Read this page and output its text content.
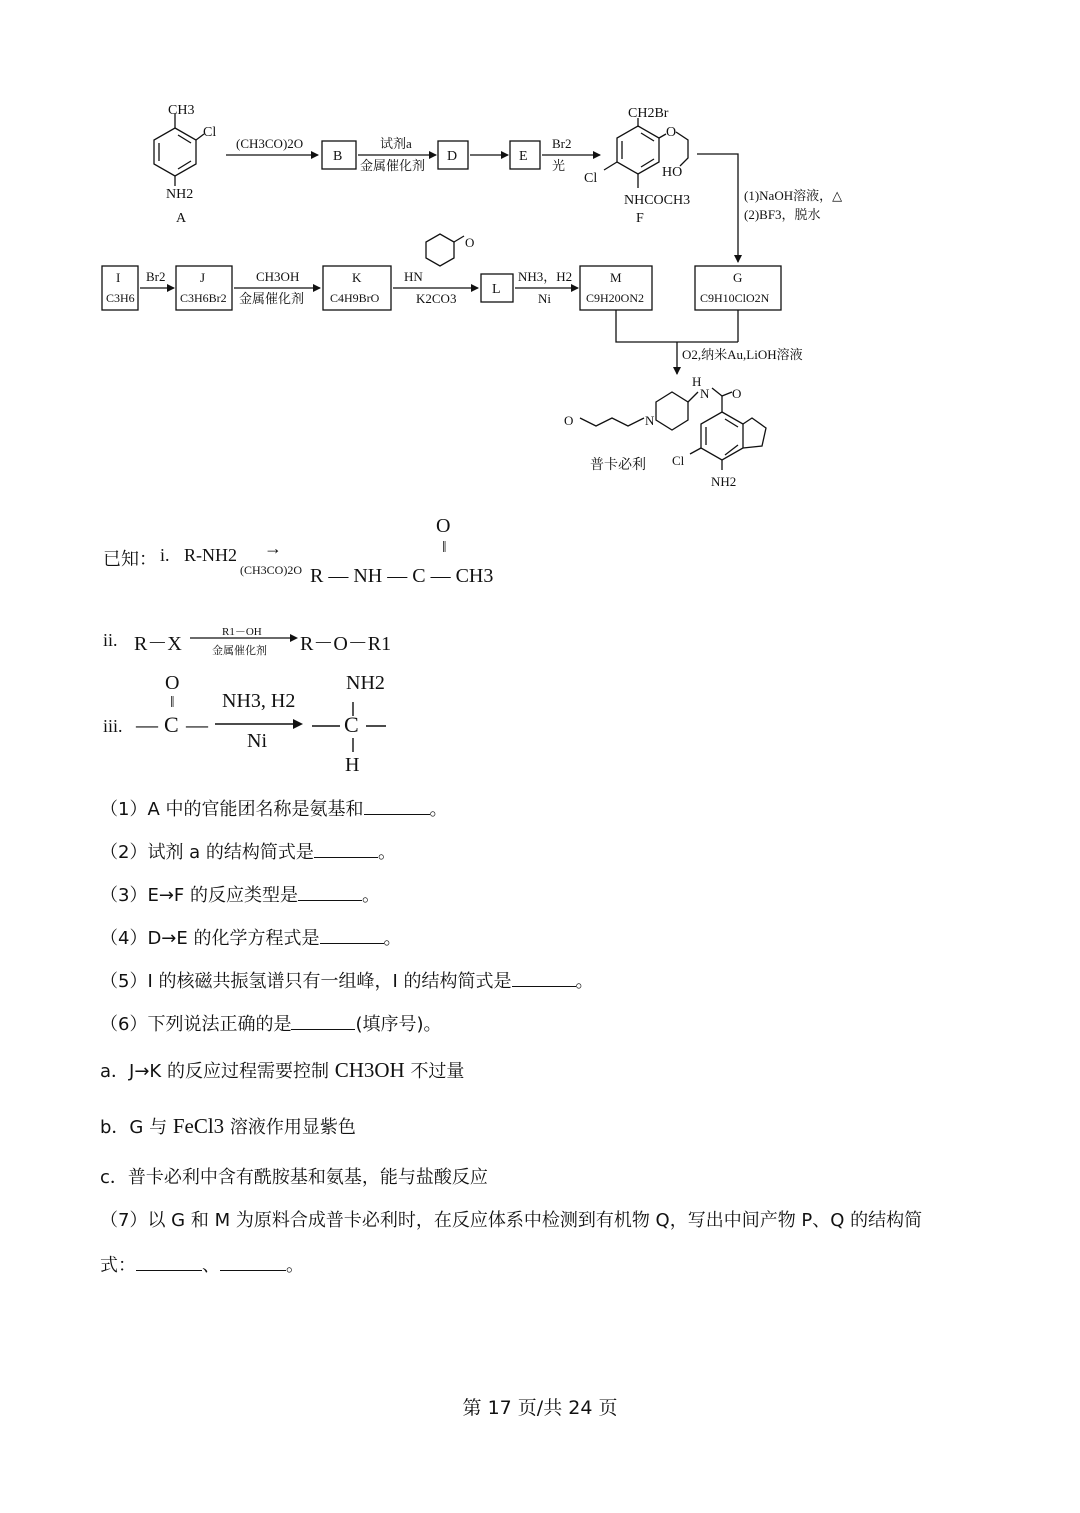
CH3
Cl
NH2
A
(CH3CO)2O
B
试剂a
金属催化剂
D	E
Br2
光
CH2Br
O
HO
Cl
NHCOCH3
F
(1)NaOH溶液，△
(2)BF3，脱水
I
C3H6
Br2	J
C3H6Br2
CH3OH
金属催化剂
K
C4H9BrO
HN
O
K2CO3
L
NH3，H2
Ni
M
C9H20ON2
G
C9H10ClO2N
O2,纳米Au,LiOH溶液
H
N O
N
O
Cl
NH2
普卡必利
已知： i. R-NH2 →
(CH3CO)2O
O
‖
R — NH — C — CH3
ii. R－X
R1－OH
金属催化剂 R－O－R1
iii.
O
‖
— C —
NH3, H2
Ni
NH2
C
H
（1）A 中的官能团名称是氨基和	。
（2）试剂 a 的结构简式是	。
（3）E→F 的反应类型是	。
（4）D→E 的化学方程式是	。
（5）I 的核磁共振氢谱只有一组峰，I 的结构简式是	。
（6）下列说法正确的是	(填序号)。
a．J→K 的反应过程需要控制 CH3OH 不过量
b．G 与 FeCl3 溶液作用显紫色
c．普卡必利中含有酰胺基和氨基，能与盐酸反应
（7）以 G 和 M 为原料合成普卡必利时，在反应体系中检测到有机物 Q，写出中间产物 P、Q 的结构简
式：	、	。
第 17 页/共 24 页
